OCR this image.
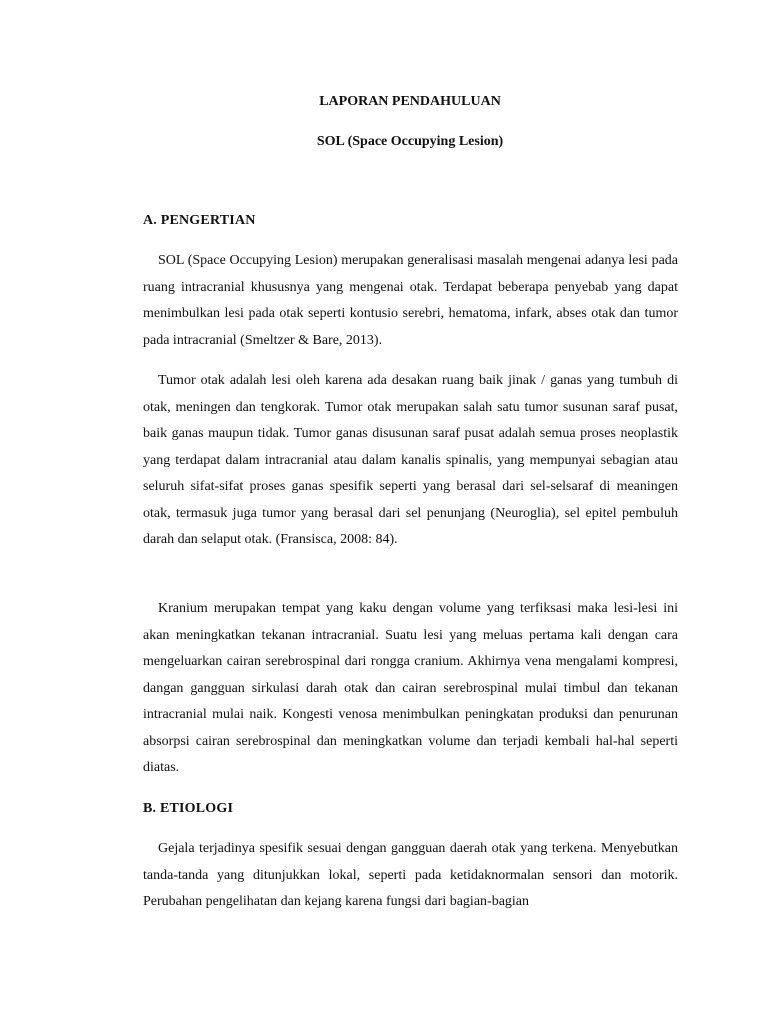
LAPORAN PENDAHULUAN
SOL (Space Occupying Lesion)
A. PENGERTIAN

SOL (Space Occupying Lesion) merupakan generalisasi masalah mengenai adanya lesi pada ruang intracranial khususnya yang mengenai otak. Terdapat beberapa penyebab yang dapat menimbulkan lesi pada otak seperti kontusio serebri, hematoma, infark, abses otak dan tumor pada intracranial (Smeltzer & Bare, 2013).

Tumor otak adalah lesi oleh karena ada desakan ruang baik jinak / ganas yang tumbuh di otak, meningen dan tengkorak. Tumor otak merupakan salah satu tumor susunan saraf pusat, baik ganas maupun tidak. Tumor ganas disusunan saraf pusat adalah semua proses neoplastik yang terdapat dalam intracranial atau dalam kanalis spinalis, yang mempunyai sebagian atau seluruh sifat-sifat proses ganas spesifik seperti yang berasal dari sel-selsaraf di meaningen otak, termasuk juga tumor yang berasal dari sel penunjang (Neuroglia), sel epitel pembuluh darah dan selaput otak. (Fransisca, 2008: 84).

Kranium merupakan tempat yang kaku dengan volume yang terfiksasi maka lesi-lesi ini akan meningkatkan tekanan intracranial. Suatu lesi yang meluas pertama kali dengan cara mengeluarkan cairan serebrospinal dari rongga cranium. Akhirnya vena mengalami kompresi, dangan gangguan sirkulasi darah otak dan cairan serebrospinal mulai timbul dan tekanan intracranial mulai naik. Kongesti venosa menimbulkan peningkatan produksi dan penurunan absorpsi cairan serebrospinal dan meningkatkan volume dan terjadi kembali hal-hal seperti diatas.

B. ETIOLOGI

Gejala terjadinya spesifik sesuai dengan gangguan daerah otak yang terkena. Menyebutkan tanda-tanda yang ditunjukkan lokal, seperti pada ketidaknormalan sensori dan motorik. Perubahan pengelihatan dan kejang karena fungsi dari bagian-bagian
